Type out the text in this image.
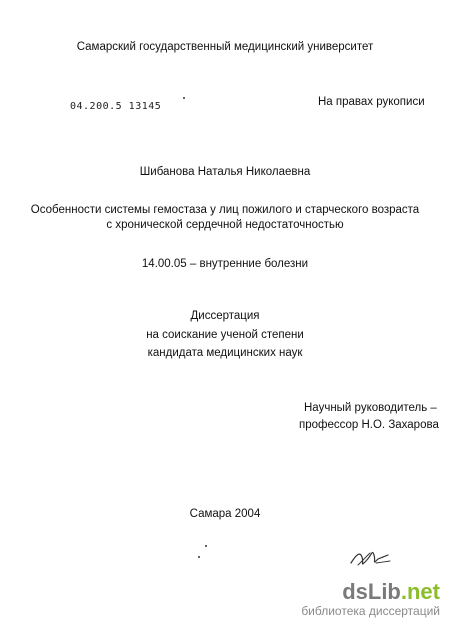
Самарский государственный медицинский университет
04.200.5 13145	На правах рукописи
Шибанова Наталья Николаевна
Особенности системы гемостаза у лиц пожилого и старческого возраста
с хронической сердечной недостаточностью
14.00.05 – внутренние болезни
Диссертация
на соискание ученой степени
кандидата медицинских наук
Научный руководитель –
профессор Н.О. Захарова
Самара 2004
dsLib.net
библиотека диссертаций
